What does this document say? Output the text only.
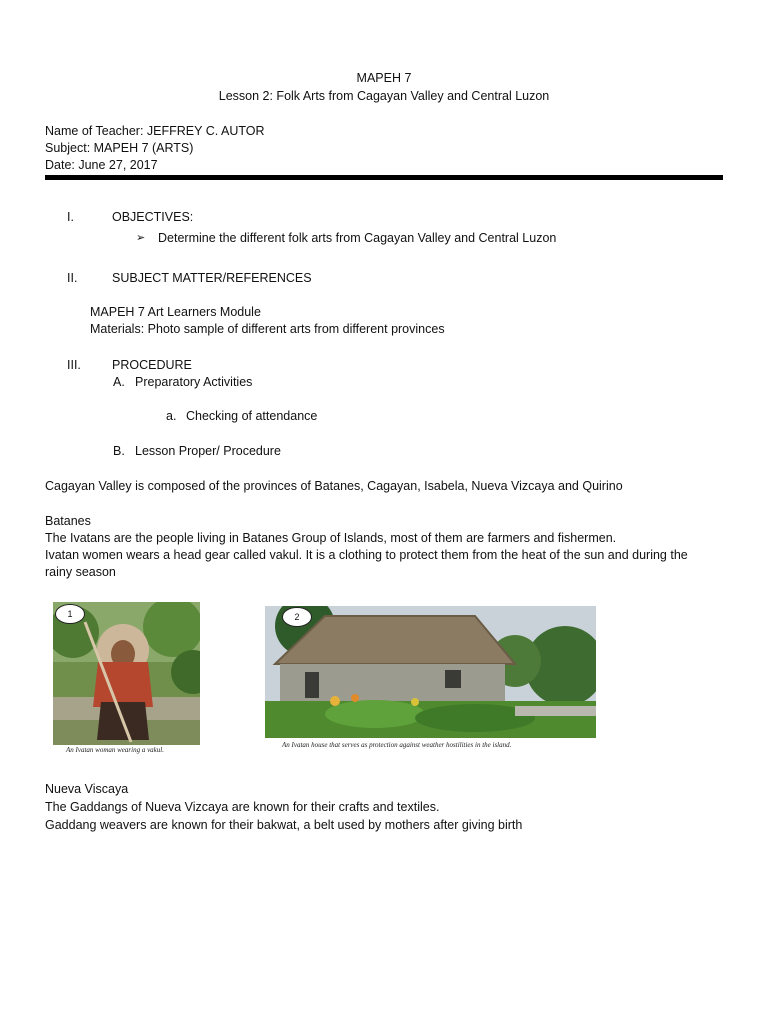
MAPEH 7
Lesson 2: Folk Arts from Cagayan Valley and Central Luzon
Name of Teacher: JEFFREY C. AUTOR
Subject: MAPEH 7 (ARTS)
Date: June 27, 2017
I.	OBJECTIVES:
➢ Determine the different folk arts from Cagayan Valley and Central Luzon
II.	SUBJECT MATTER/REFERENCES
MAPEH 7 Art Learners Module
Materials: Photo sample of different arts from different provinces
III. PROCEDURE
A. Preparatory Activities
a. Checking of attendance
B. Lesson Proper/ Procedure
Cagayan Valley is composed of the provinces of Batanes, Cagayan, Isabela, Nueva Vizcaya and Quirino
Batanes
The Ivatans are the people living in Batanes Group of Islands, most of them are farmers and fishermen.
Ivatan women wears a head gear called vakul. It is a clothing to protect them from the heat of the sun and during the
rainy season
1
An Ivatan woman wearing a vakul.
2
An Ivatan house that serves as protection against weather hostilities in the island.
Nueva Viscaya
The Gaddangs of Nueva Vizcaya are known for their crafts and textiles.
Gaddang weavers are known for their bakwat, a belt used by mothers after giving birth
